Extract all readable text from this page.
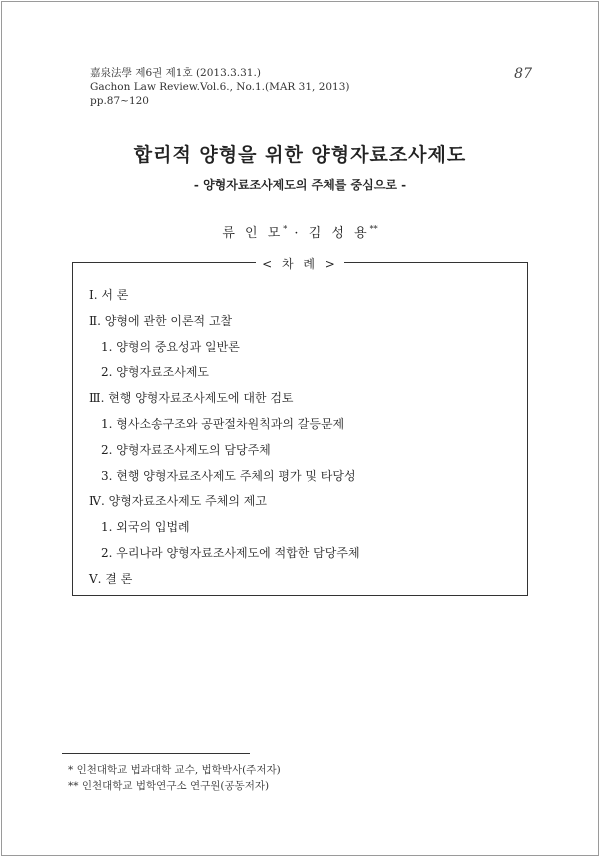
嘉泉法學 제6권 제1호 (2013.3.31.)
Gachon Law Review.Vol.6., No.1.(MAR 31, 2013)
pp.87~120
87
합리적 양형을 위한 양형자료조사제도
- 양형자료조사제도의 주체를 중심으로 -
류 인 모* · 김 성 용**
< 차 례 >
Ⅰ. 서 론
Ⅱ. 양형에 관한 이론적 고찰
1. 양형의 중요성과 일반론
2. 양형자료조사제도
Ⅲ. 현행 양형자료조사제도에 대한 검토
1. 형사소송구조와 공판절차원칙과의 갈등문제
2. 양형자료조사제도의 담당주체
3. 현행 양형자료조사제도 주체의 평가 및 타당성
Ⅳ. 양형자료조사제도 주체의 제고
1. 외국의 입법례
2. 우리나라 양형자료조사제도에 적합한 담당주체
Ⅴ. 결 론
* 인천대학교 법과대학 교수, 법학박사(주저자)
** 인천대학교 법학연구소 연구원(공동저자)
